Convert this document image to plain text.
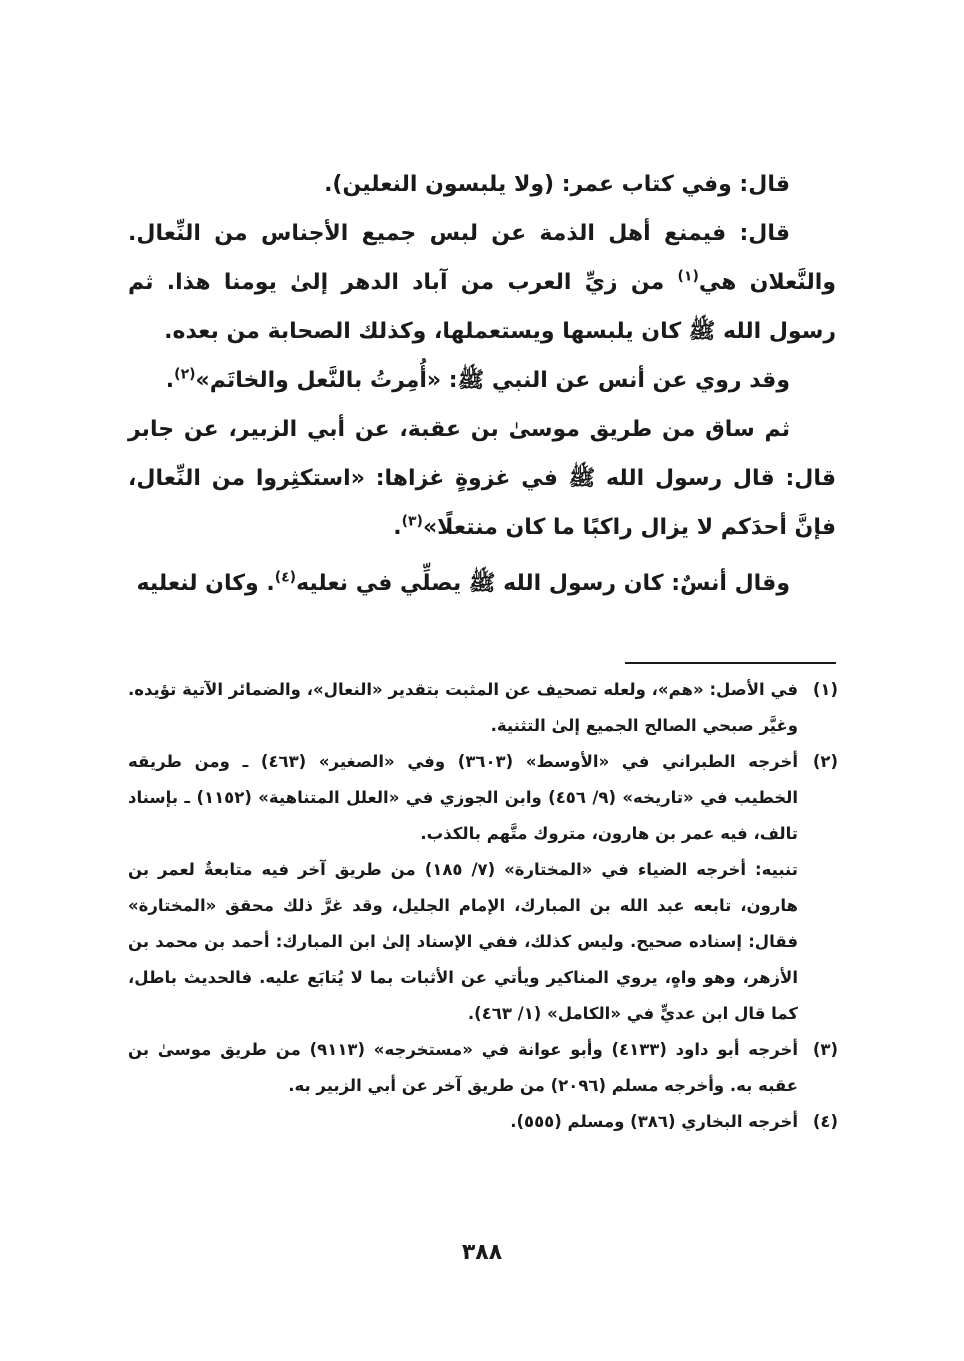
قال: وفي كتاب عمر: (ولا يلبسون النعلين).

قال: فيمنع أهل الذمة عن لبس جميع الأجناس من النِّعال. والنَّعلان هي$^{(١)}$ من زيِّ العرب من آباد الدهر إلىٰ يومنا هذا. ثم رسول الله ﷺ كان يلبسها ويستعملها، وكذلك الصحابة من بعده.

وقد روي عن أنس عن النبي ﷺ: «أُمِرتُ بالنَّعل والخاتَم»$^{(٢)}$.

ثم ساق من طريق موسىٰ بن عقبة، عن أبي الزبير، عن جابر قال: قال رسول الله ﷺ في غزوةٍ غزاها: «استكثِروا من النِّعال، فإنَّ أحدَكم لا يزال راكبًا ما كان منتعلًا»$^{(٣)}$.

وقال أنسٌ: كان رسول الله ﷺ يصلِّي في نعليه$^{(٤)}$. وكان لنعليه

(١)

في الأصل: «هم»، ولعله تصحيف عن المثبت بتقدير «النعال»، والضمائر الآتية تؤيده. وغيَّر صبحي الصالح الجميع إلىٰ التثنية.

(٢)

أخرجه الطبراني في «الأوسط» (٣٦٠٣) وفي «الصغير» (٤٦٣) ـ ومن طريقه الخطيب في «تاريخه» (٩/ ٤٥٦) وابن الجوزي في «العلل المتناهية» (١١٥٢) ـ بإسناد تالف، فيه عمر بن هارون، متروك متَّهم بالكذب.

تنبيه: أخرجه الضياء في «المختارة» (٧/ ١٨٥) من طريق آخر فيه متابعةٌ لعمر بن هارون، تابعه عبد الله بن المبارك، الإمام الجليل، وقد غرَّ ذلك محقق «المختارة» فقال: إسناده صحيح. وليس كذلك، ففي الإسناد إلىٰ ابن المبارك: أحمد بن محمد بن الأزهر، وهو واهٍ، يروي المناكير ويأتي عن الأثبات بما لا يُتابَع عليه. فالحديث باطل، كما قال ابن عديٍّ في «الكامل» (١/ ٤٦٣).

(٣)

أخرجه أبو داود (٤١٣٣) وأبو عوانة في «مستخرجه» (٩١١٣) من طريق موسىٰ بن عقبه به. وأخرجه مسلم (٢٠٩٦) من طريق آخر عن أبي الزبير به.

(٤)

أخرجه البخاري (٣٨٦) ومسلم (٥٥٥).

٣٨٨
